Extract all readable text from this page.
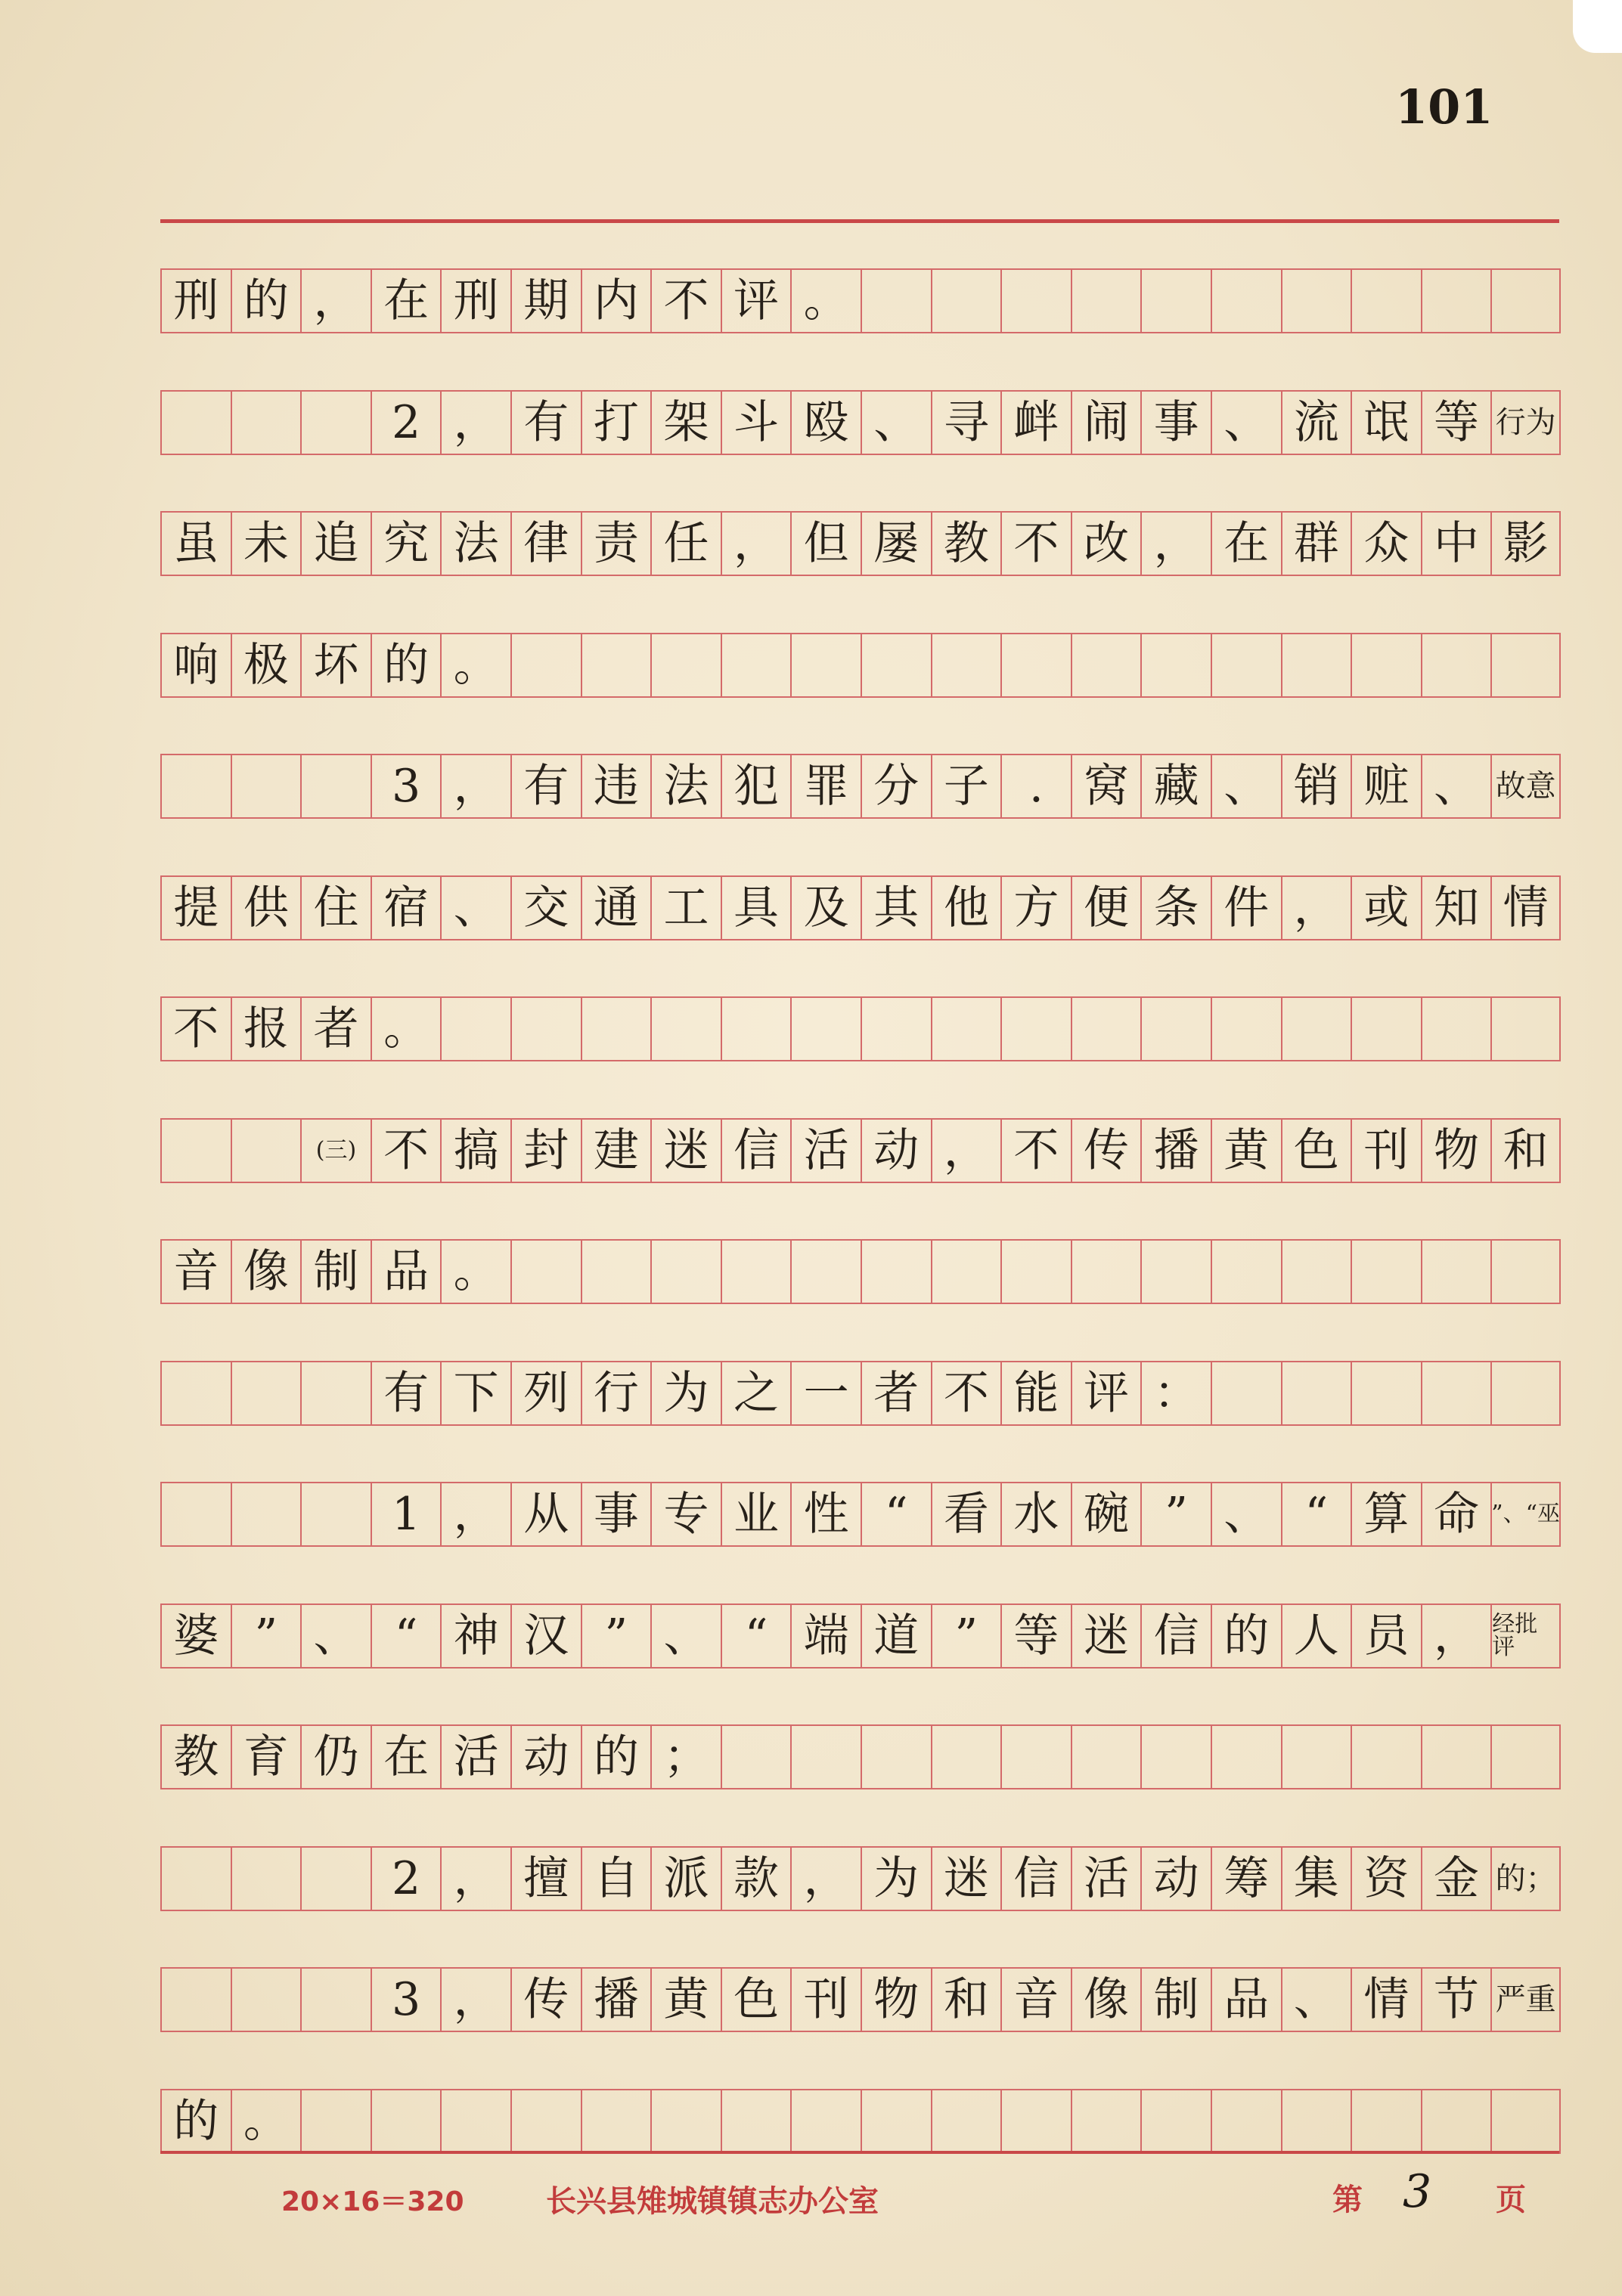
101
刑 的 ， 在 刑 期 内 不 评 。
2 ， 有 打 架 斗 殴 、 寻 衅 闹 事 、 流 氓 等 行为
虽 未 追 究 法 律 责 任 ， 但 屡 教 不 改 ， 在 群 众 中 影
响 极 坏 的 。
3 ， 有 违 法 犯 罪 分 子 . 窝 藏 、 销 赃 、 故意
提 供 住 宿 、 交 通 工 具 及 其 他 方 便 条 件 ， 或 知 情
不 报 者 。
(三) 不 搞 封 建 迷 信 活 动 ， 不 传 播 黄 色 刊 物 和
音 像 制 品 。
有 下 列 行 为 之 一 者 不 能 评 ：
1 ， 从 事 专 业 性 “ 看 水 碗 ” 、 “ 算 命 ”、“巫
婆 ” 、 “ 神 汉 ” 、 “ 端 道 ” 等 迷 信 的 人 员 ， 经批评
教 育 仍 在 活 动 的 ；
2 ， 擅 自 派 款 ， 为 迷 信 活 动 筹 集 资 金 的；
3 ， 传 播 黄 色 刊 物 和 音 像 制 品 、 情 节 严重
的 。
20×16＝320	长兴县雉城镇镇志办公室	第 3 页
